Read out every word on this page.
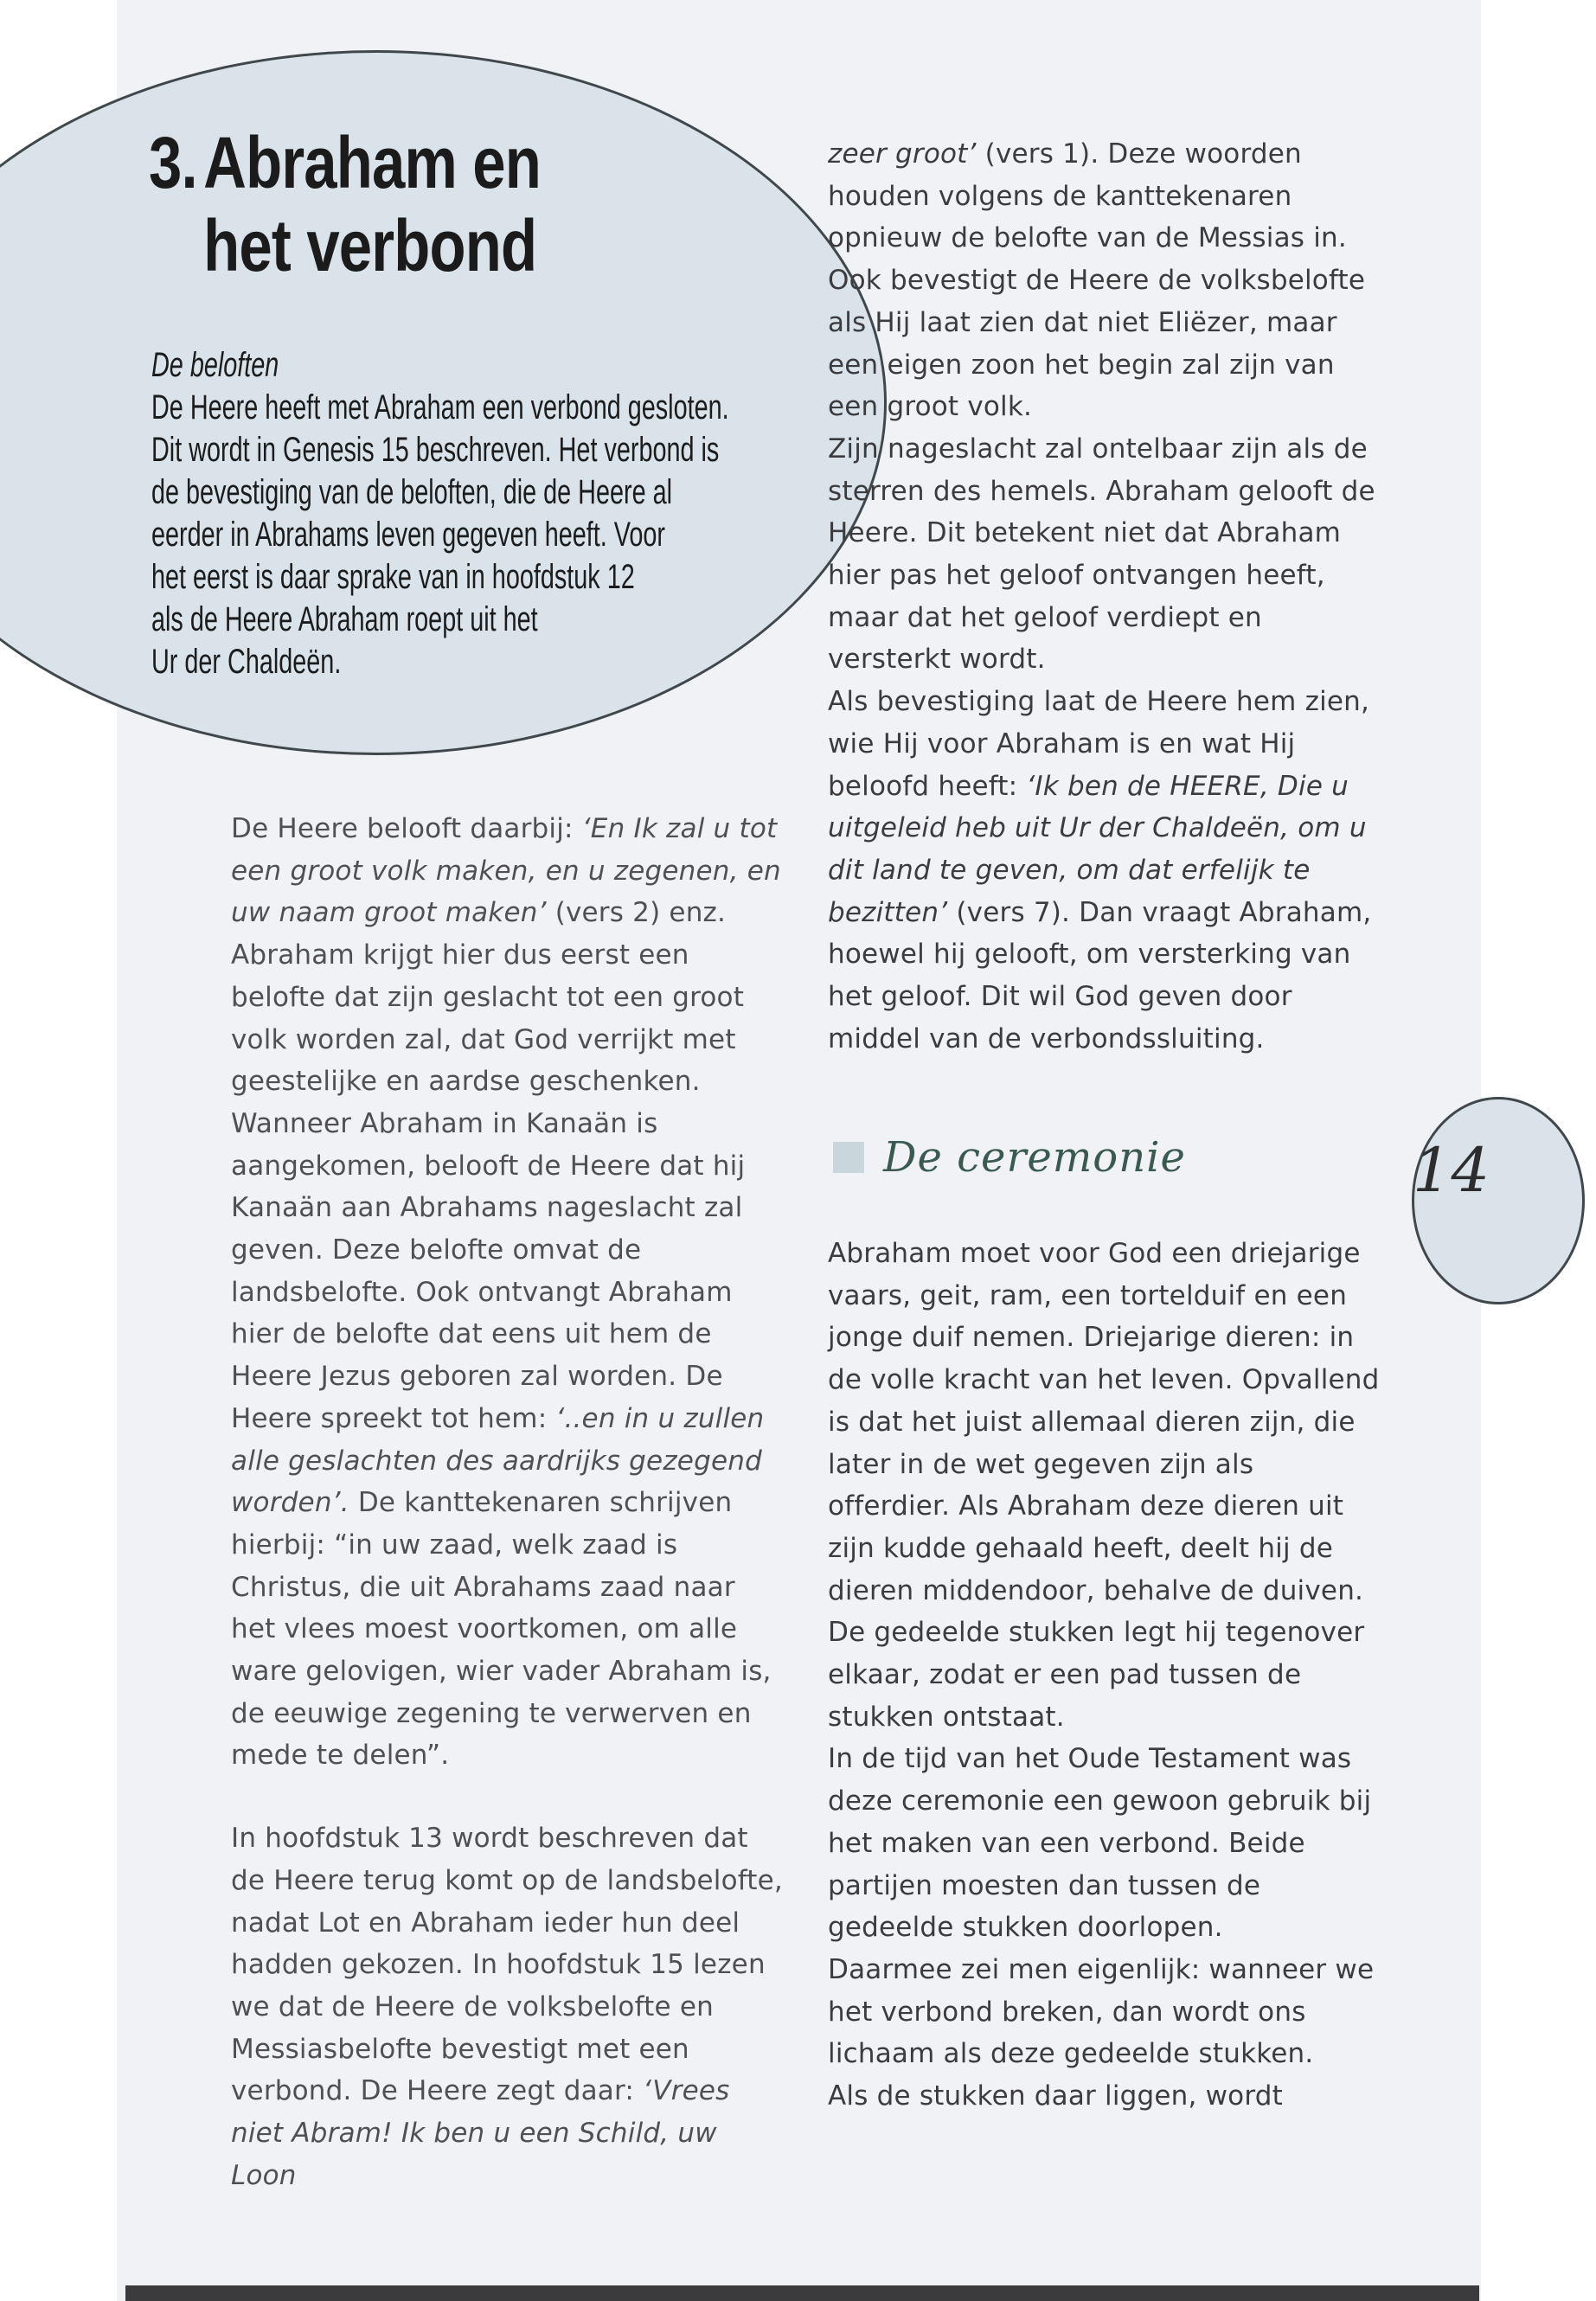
3.Abraham en
het verbond
De beloften

De Heere heeft met Abraham een verbond gesloten.

Dit wordt in Genesis 15 beschreven. Het verbond is

de bevestiging van de beloften, die de Heere al

eerder in Abrahams leven gegeven heeft. Voor

het eerst is daar sprake van in hoofdstuk 12

als de Heere Abraham roept uit het

Ur der Chaldeën.

De Heere belooft daarbij: ‘En Ik zal u tot een groot volk maken, en u zegenen, en uw naam groot maken’ (vers 2) enz. Abraham krijgt hier dus eerst een belofte dat zijn geslacht tot een groot volk worden zal, dat God verrijkt met geestelijke en aardse geschenken. Wanneer Abraham in Kanaän is aangekomen, belooft de Heere dat hij Kanaän aan Abrahams nageslacht zal geven. Deze belofte omvat de landsbelofte. Ook ontvangt Abraham hier de belofte dat eens uit hem de Heere Jezus geboren zal worden. De Heere spreekt tot hem: ‘..en in u zullen alle geslachten des aardrijks gezegend worden’. De kanttekenaren schrijven hierbij: “in uw zaad, welk zaad is Christus, die uit Abrahams zaad naar het vlees moest voortkomen, om alle ware gelovigen, wier vader Abraham is, de eeuwige zegening te verwerven en mede te delen”.

In hoofdstuk 13 wordt beschreven dat de Heere terug komt op de landsbelofte, nadat Lot en Abraham ieder hun deel hadden gekozen. In hoofdstuk 15 lezen we dat de Heere de volksbelofte en Messiasbelofte bevestigt met een verbond. De Heere zegt daar: ‘Vrees niet Abram! Ik ben u een Schild, uw Loon

zeer groot’ (vers 1). Deze woorden houden volgens de kanttekenaren opnieuw de belofte van de Messias in. Ook bevestigt de Heere de volksbelofte als Hij laat zien dat niet Eliëzer, maar een eigen zoon het begin zal zijn van een groot volk.

Zijn nageslacht zal ontelbaar zijn als de sterren des hemels. Abraham gelooft de Heere. Dit betekent niet dat Abraham hier pas het geloof ontvangen heeft, maar dat het geloof verdiept en versterkt wordt.

Als bevestiging laat de Heere hem zien, wie Hij voor Abraham is en wat Hij beloofd heeft: ‘Ik ben de HEERE, Die u uitgeleid heb uit Ur der Chaldeën, om u dit land te geven, om dat erfelijk te bezitten’ (vers 7). Dan vraagt Abraham, hoewel hij gelooft, om versterking van het geloof. Dit wil God geven door middel van de verbondssluiting.

De ceremonie

Abraham moet voor God een driejarige vaars, geit, ram, een tortelduif en een jonge duif nemen. Driejarige dieren: in de volle kracht van het leven. Opvallend is dat het juist allemaal dieren zijn, die later in de wet gegeven zijn als offerdier. Als Abraham deze dieren uit zijn kudde gehaald heeft, deelt hij de dieren middendoor, behalve de duiven. De gedeelde stukken legt hij tegenover elkaar, zodat er een pad tussen de stukken ontstaat.

In de tijd van het Oude Testament was deze ceremonie een gewoon gebruik bij het maken van een verbond. Beide partijen moesten dan tussen de gedeelde stukken doorlopen.

Daarmee zei men eigenlijk: wanneer we het verbond breken, dan wordt ons lichaam als deze gedeelde stukken.

Als de stukken daar liggen, wordt

14
